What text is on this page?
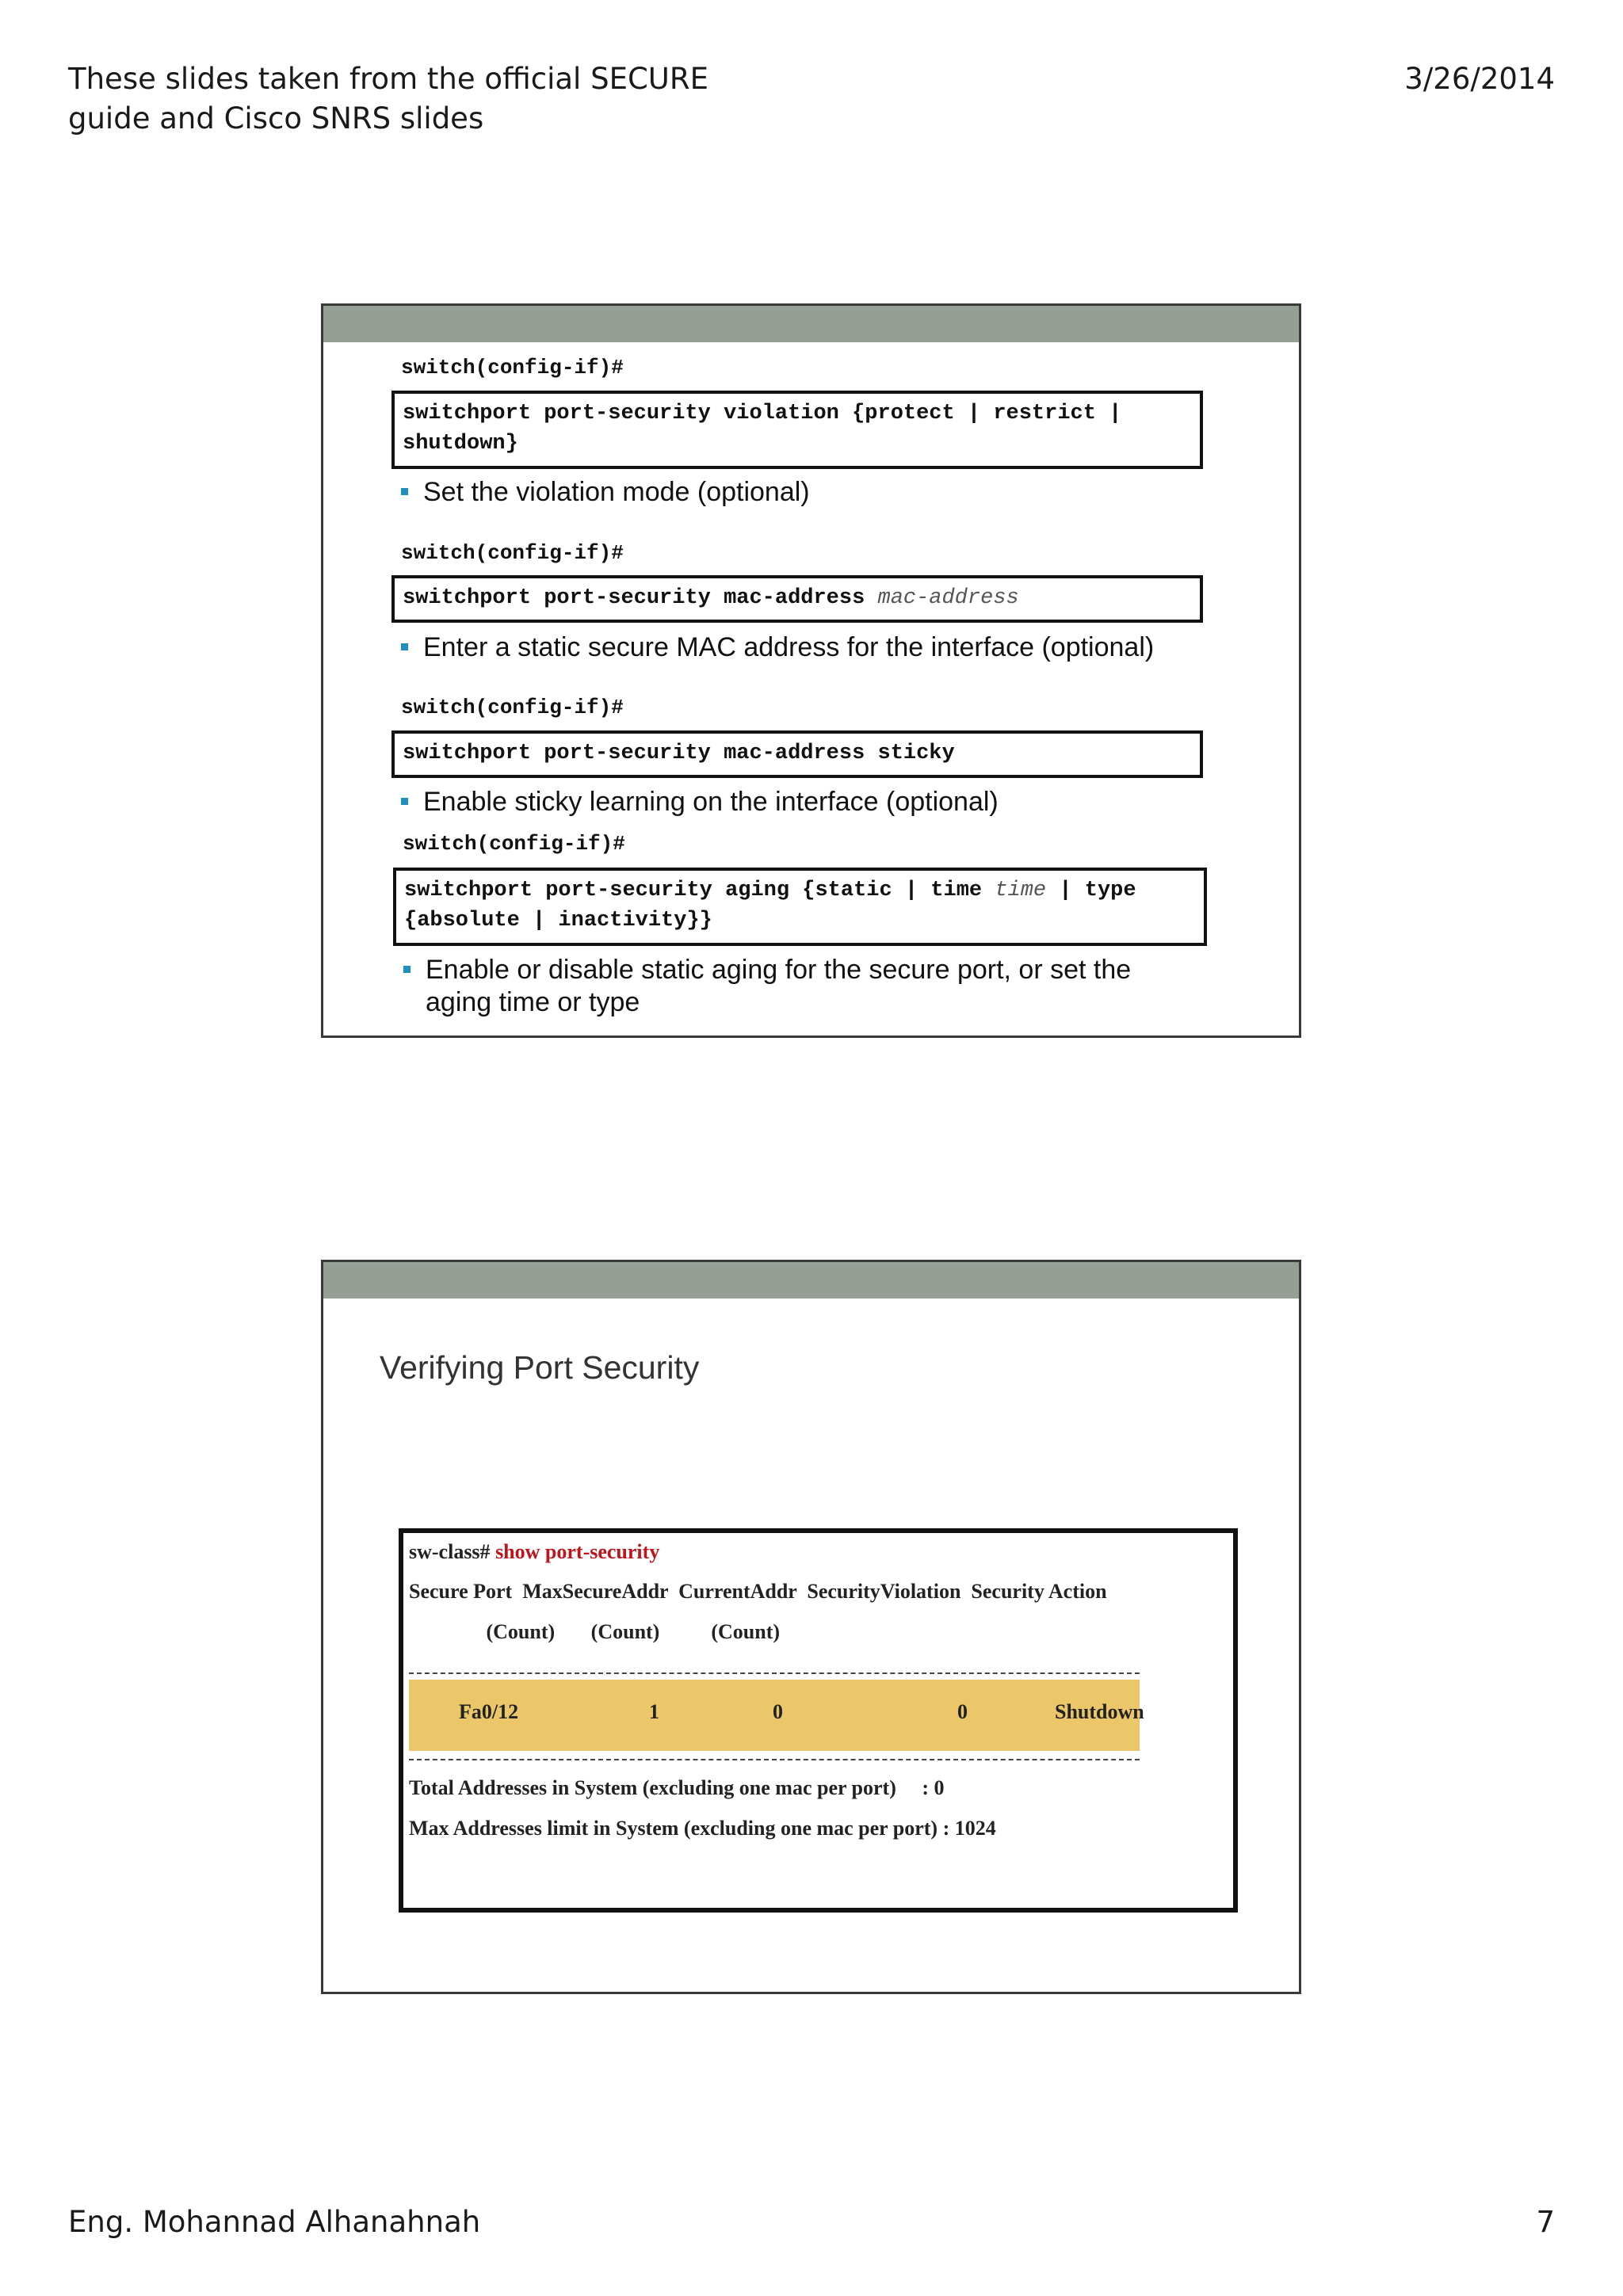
These slides taken from the official SECURE guide and Cisco SNRS slides
3/26/2014
switch(config-if)#
switchport port-security violation {protect | restrict | shutdown}
Set the violation mode (optional)
switch(config-if)#
switchport port-security mac-address mac-address
Enter a static secure MAC address for the interface (optional)
switch(config-if)#
switchport port-security mac-address sticky
Enable sticky learning on the interface (optional)
switch(config-if)#
switchport port-security aging {static | time time | type {absolute | inactivity}}
Enable or disable static aging for the secure port, or set the aging time or type
Verifying Port Security
sw-class# show port-security
Secure Port  MaxSecureAddr  CurrentAddr  SecurityViolation  Security Action
(Count)       (Count)          (Count)
Fa0/12	1	0	0	Shutdown
Total Addresses in System (excluding one mac per port)     : 0
Max Addresses limit in System (excluding one mac per port) : 1024
Eng. Mohannad Alhanahnah	7
